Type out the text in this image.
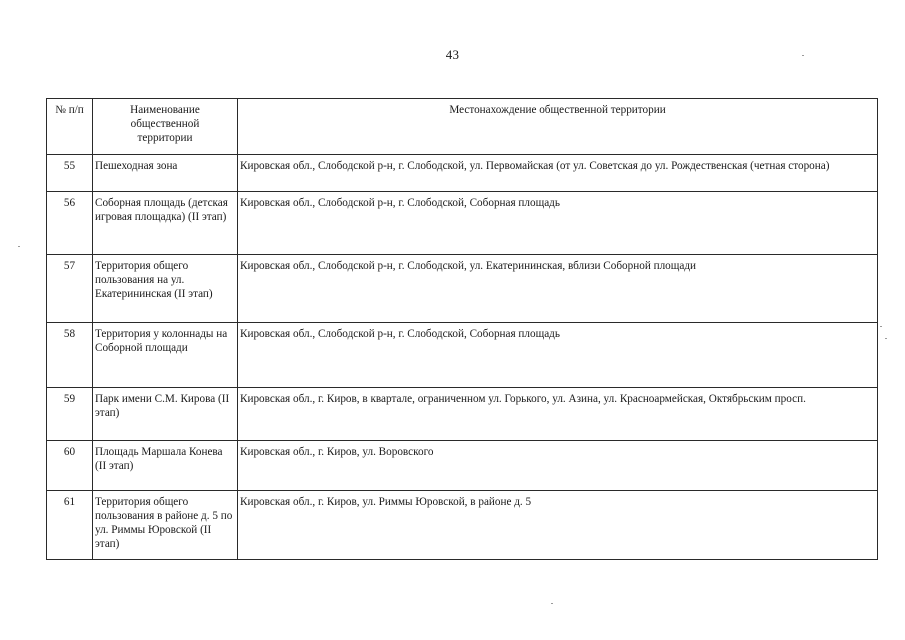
43
№ п/п	Наименование общественной территории	Местонахождение общественной территории
55	Пешеходная зона	Кировская обл., Слободской р-н, г. Слободской, ул. Первомайская (от ул. Советская до ул. Рождественская (четная сторона)
56	Соборная площадь (детская игровая площадка) (II этап)	Кировская обл., Слободской р-н, г. Слободской, Соборная площадь
57	Территория общего пользования на ул. Екатерининская (II этап)	Кировская обл., Слободской р-н, г. Слободской, ул. Екатерининская, вблизи Соборной площади
58	Территория у колоннады на Соборной площади	Кировская обл., Слободской р-н, г. Слободской, Соборная площадь
59	Парк имени С.М. Кирова (II этап)	Кировская обл., г. Киров, в квартале, ограниченном ул. Горького, ул. Азина, ул. Красноармейская, Октябрьским просп.
60	Площадь Маршала Конева (II этап)	Кировская обл., г. Киров, ул. Воровского
61	Территория общего пользования в районе д. 5 по ул. Риммы Юровской (II этап)	Кировская обл., г. Киров, ул. Риммы Юровской, в районе д. 5
